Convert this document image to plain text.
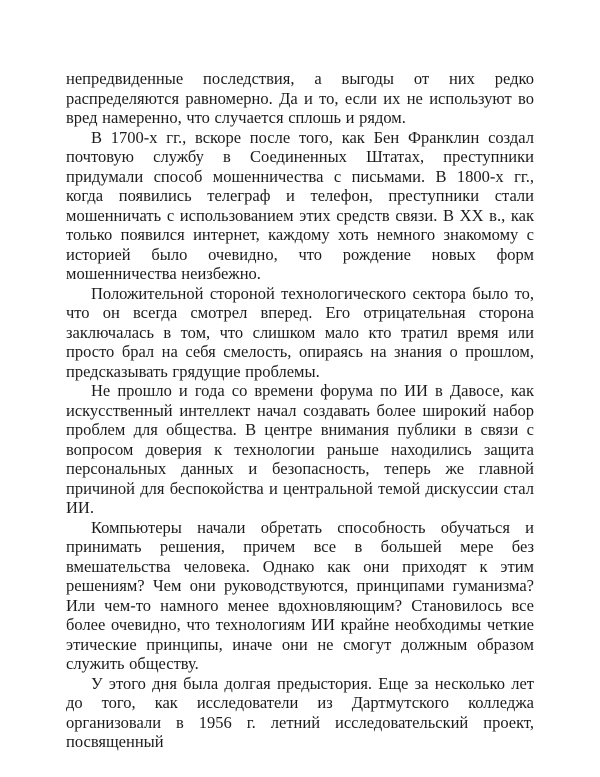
непредвиденные последствия, а выгоды от них редко распределяются равномерно. Да и то, если их не используют во вред намеренно, что случается сплошь и рядом.

В 1700-х гг., вскоре после того, как Бен Франклин создал почтовую службу в Соединенных Штатах, преступники придумали способ мошенничества с письмами. В 1800-х гг., когда появились телеграф и телефон, преступники стали мошенничать с использованием этих средств связи. В XX в., как только появился интернет, каждому хоть немного знакомому с историей было очевидно, что рождение новых форм мошенничества неизбежно.

Положительной стороной технологического сектора было то, что он всегда смотрел вперед. Его отрицательная сторона заключалась в том, что слишком мало кто тратил время или просто брал на себя смелость, опираясь на знания о прошлом, предсказывать грядущие проблемы.

Не прошло и года со времени форума по ИИ в Давосе, как искусственный интеллект начал создавать более широкий набор проблем для общества. В центре внимания публики в связи с вопросом доверия к технологии раньше находились защита персональных данных и безопасность, теперь же главной причиной для беспокойства и центральной темой дискуссии стал ИИ.

Компьютеры начали обретать способность обучаться и принимать решения, причем все в большей мере без вмешательства человека. Однако как они приходят к этим решениям? Чем они руководствуются, принципами гуманизма? Или чем-то намного менее вдохновляющим? Становилось все более очевидно, что технологиям ИИ крайне необходимы четкие этические принципы, иначе они не смогут должным образом служить обществу.

У этого дня была долгая предыстория. Еще за несколько лет до того, как исследователи из Дартмутского колледжа организовали в 1956 г. летний исследовательский проект, посвященный
